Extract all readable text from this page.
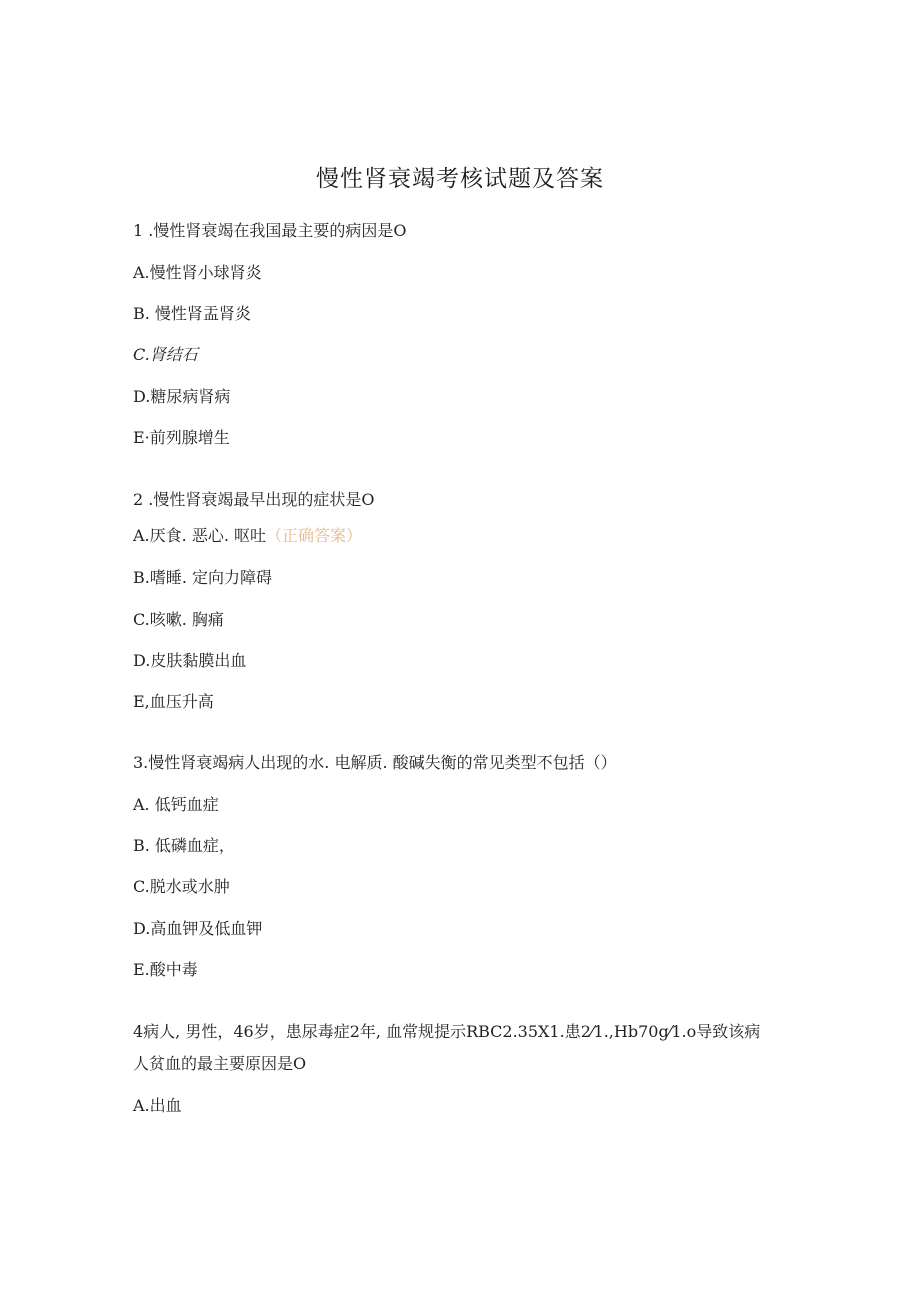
慢性肾衰竭考核试题及答案
1 .慢性肾衰竭在我国最主要的病因是O
A.慢性肾小球肾炎
B. 慢性肾盂肾炎
C.肾结石
D.糖尿病肾病
E·前列腺增生
2 .慢性肾衰竭最早出现的症状是O
A.厌食. 恶心. 呕吐（正确答案）
B.嗜睡. 定向力障碍
C.咳嗽. 胸痛
D.皮肤黏膜出血
E,血压升高
3.慢性肾衰竭病人出现的水. 电解质. 酸碱失衡的常见类型不包括（）
A. 低钙血症
B. 低磷血症，
C.脱水或水肿
D.高血钾及低血钾
E.酸中毒
4病人, 男性，46岁，患尿毒症2年, 血常规提示RBC2.35X1.患2⁄1.,Hb70g⁄1.o导致该病
人贫血的最主要原因是O
A.出血
